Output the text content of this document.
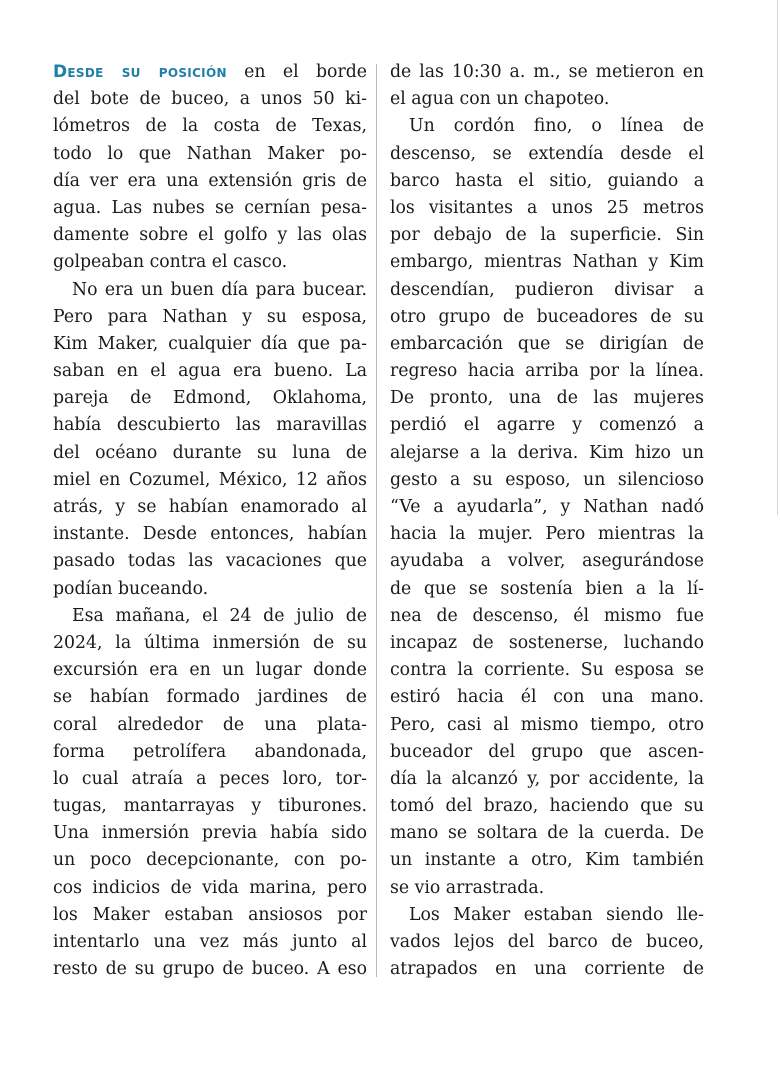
Desde su posición en el borde
del bote de buceo, a unos 50 ki-
lómetros de la costa de Texas,
todo lo que Nathan Maker po-
día ver era una extensión gris de
agua. Las nubes se cernían pesa-
damente sobre el golfo y las olas
golpeaban contra el casco.
No era un buen día para bucear.
Pero para Nathan y su esposa,
Kim Maker, cualquier día que pa-
saban en el agua era bueno. La
pareja de Edmond, Oklahoma,
había descubierto las maravillas
del océano durante su luna de
miel en Cozumel, México, 12 años
atrás, y se habían enamorado al
instante. Desde entonces, habían
pasado todas las vacaciones que
podían buceando.
Esa mañana, el 24 de julio de
2024, la última inmersión de su
excursión era en un lugar donde
se habían formado jardines de
coral alrededor de una plata-
forma petrolífera abandonada,
lo cual atraía a peces loro, tor-
tugas, mantarrayas y tiburones.
Una inmersión previa había sido
un poco decepcionante, con po-
cos indicios de vida marina, pero
los Maker estaban ansiosos por
intentarlo una vez más junto al
resto de su grupo de buceo. A eso
de las 10:30 a. m., se metieron en
el agua con un chapoteo.
Un cordón fino, o línea de
descenso, se extendía desde el
barco hasta el sitio, guiando a
los visitantes a unos 25 metros
por debajo de la superficie. Sin
embargo, mientras Nathan y Kim
descendían, pudieron divisar a
otro grupo de buceadores de su
embarcación que se dirigían de
regreso hacia arriba por la línea.
De pronto, una de las mujeres
perdió el agarre y comenzó a
alejarse a la deriva. Kim hizo un
gesto a su esposo, un silencioso
“Ve a ayudarla”, y Nathan nadó
hacia la mujer. Pero mientras la
ayudaba a volver, asegurándose
de que se sostenía bien a la lí-
nea de descenso, él mismo fue
incapaz de sostenerse, luchando
contra la corriente. Su esposa se
estiró hacia él con una mano.
Pero, casi al mismo tiempo, otro
buceador del grupo que ascen-
día la alcanzó y, por accidente, la
tomó del brazo, haciendo que su
mano se soltara de la cuerda. De
un instante a otro, Kim también
se vio arrastrada.
Los Maker estaban siendo lle-
vados lejos del barco de buceo,
atrapados en una corriente de
